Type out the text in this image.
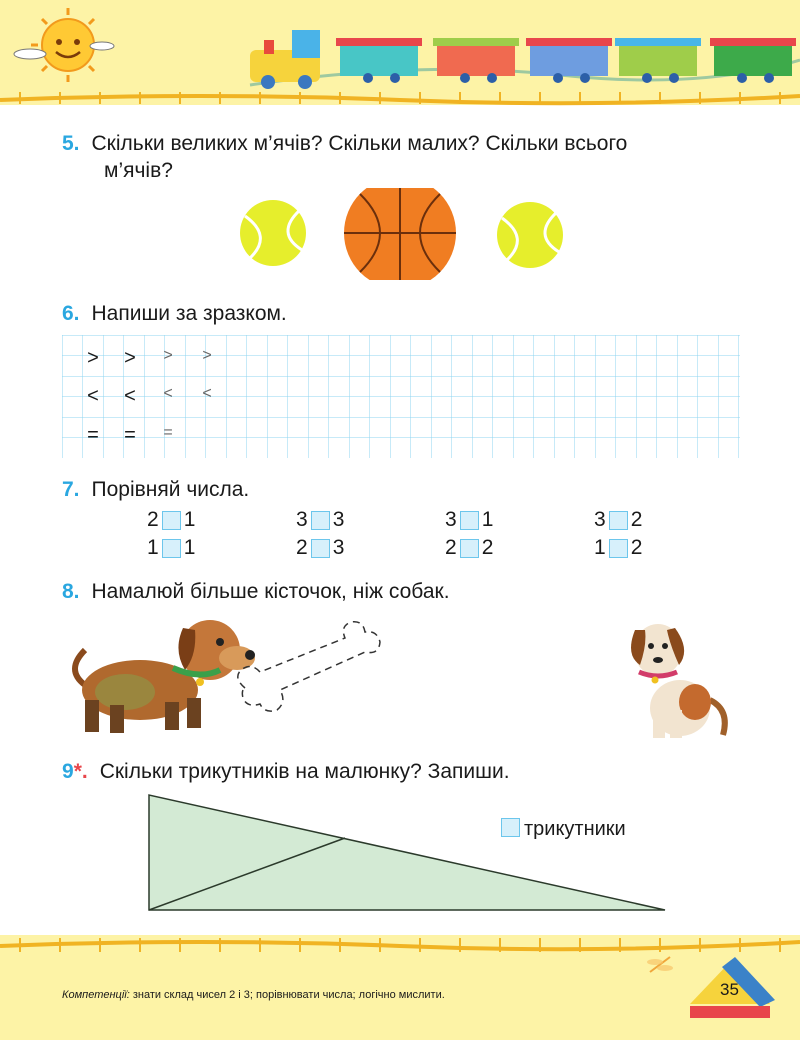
5. Скільки великих м’ячів? Скільки малих? Скільки всього
м’ячів?
6. Напиши за зразком.
> >	>	>
< <	<	<
= =	=
7. Порівняй числа.
2 1	3 3	3 1	3 2
1 1	2 3	2 2	1 2
8. Намалюй більше кісточок, ніж собак.
9*. Скільки трикутників на малюнку? Запиши.
трикутники
Компетенції: знати склад чисел 2 і 3; порівнювати числа; логічно мислити.	35
